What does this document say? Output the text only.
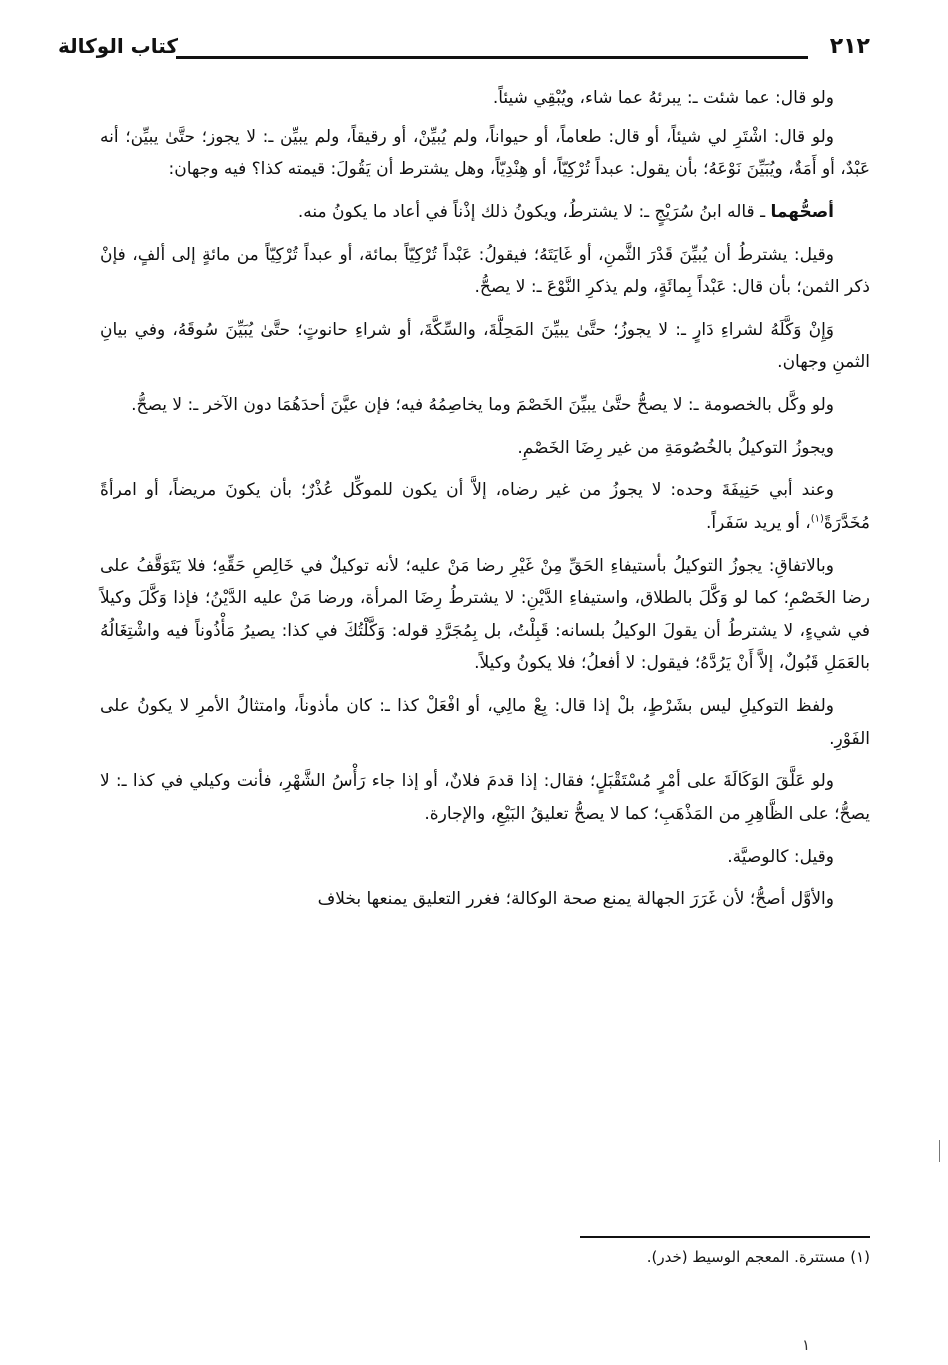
٢١٢
كتاب الوكالة

ولو قال: عما شئت ـ: يبرئهُ عما شاء، ويُبْقِي شيئاً.

ولو قال: اشْتَرِ لي شيئاً، أو قال: طعاماً، أو حيواناً، ولم يُبيِّنْ، أو رقيقاً، ولم يبيِّن ـ: لا يجوز؛ حتَّىٰ يبيِّن؛ أنه عَبْدٌ، أو أَمَةٌ، ويُبَيِّنَ نَوْعَهُ؛ بأن يقول: عبداً تُرْكِيّاً، أو هِنْدِيّاً، وهل يشترط أن يَقُولَ: قيمته كذا؟ فيه وجهان:

أصحُّهما ـ قاله ابنُ سُرَيْجٍ ـ: لا يشترطُ، ويكونُ ذلك إذْناً في أعاد ما يكونُ منه.

وقيل: يشترطُ أن يُبيِّنَ قَدْرَ الثَّمنِ، أو غَايَتَهُ؛ فيقولُ: عَبْداً تُرْكِيّاً بمائة، أو عبداً تُرْكِيّاً من مائةٍ إلى ألفٍ، فإنْ ذكر الثمن؛ بأن قال: عَبْداً بِمائَةٍ، ولم يذكرِ النَّوْعَ ـ: لا يصحُّ.

وَإِنْ وَكَّلَهُ لشراءِ دَارٍ ـ: لا يجوزُ؛ حتَّىٰ يبيِّنَ المَحِلَّةَ، والسِّكَّةَ، أو شراءِ حانوتٍ؛ حتَّىٰ يُبَيِّنَ سُوقَهُ، وفي بيانِ الثمنِ وجهان.

ولو وكَّل بالخصومة ـ: لا يصحُّ حتَّىٰ يبيِّنَ الخَصْمَ وما يخاصِمُهُ فيه؛ فإن عيَّنَ أحدَهُمَا دون الآخر ـ: لا يصحُّ.

ويجوزُ التوكيلُ بالخُصُومَةِ من غير رِضَا الخَصْمِ.

وعند أبي حَنِيفَةَ وحده: لا يجوزُ من غير رضاه، إلاَّ أن يكون للموكِّل عُذْرٌ؛ بأن يكونَ مريضاً، أو امرأةً مُخَدَّرَةً$^{(١)}$، أو يريد سَفَراً.

وبالاتفاقِ: يجوزُ التوكيلُ بأستيفاءِ الحَقِّ مِنْ غَيْرِ رضا مَنْ عليه؛ لأنه توكيلٌ في خَالِصِ حَقِّهِ؛ فلا يَتَوَقَّفُ على رضا الخَصْمِ؛ كما لو وَكَّلَ بالطلاق، واستيفاءِ الدَّيْنِ: لا يشترطُ رِضَا المرأة، ورضا مَنْ عليه الدَّيْنُ؛ فإذا وَكَّلَ وكيلاً في شيءٍ، لا يشترطُ أن يقولَ الوكيلُ بلسانه: قَبِلْتُ، بل بِمُجَرَّدِ قوله: وَكَّلْتُكَ في كذا: يصيرُ مَأْذُوناً فيه واشْتِغَالُهُ بالعَمَلِ قَبُولٌ، إلاَّ أَنْ يَرُدَّهُ؛ فيقول: لا أفعلُ؛ فلا يكونُ وكيلاً.

ولفظ التوكيلِ ليس بشَرْطٍ، بلْ إذا قال: بِعْ مالِي، أو افْعَلْ كذا ـ: كان مأذوناً، وامتثالُ الأمرِ لا يكونُ على الفَوْرِ.

ولو عَلَّقَ الوَكَالَةَ على أمْرٍ مُسْتَقْبَلٍ؛ فقال: إذا قدمَ فلانٌ، أو إذا جاء رَأْسُ الشَّهْرِ، فأنت وكيلي في كذا ـ: لا يصحُّ؛ على الظَّاهِرِ من المَذْهَبِ؛ كما لا يصحُّ تعليقُ البَيْعِ، والإجارة.

وقيل: كالوصيَّة.

والأوَّل أصحُّ؛ لأن غَرَرَ الجهالة يمنع صحة الوكالة؛ فغرر التعليق يمنعها بخلاف

(١) مستترة. المعجم الوسيط (خدر).
١
